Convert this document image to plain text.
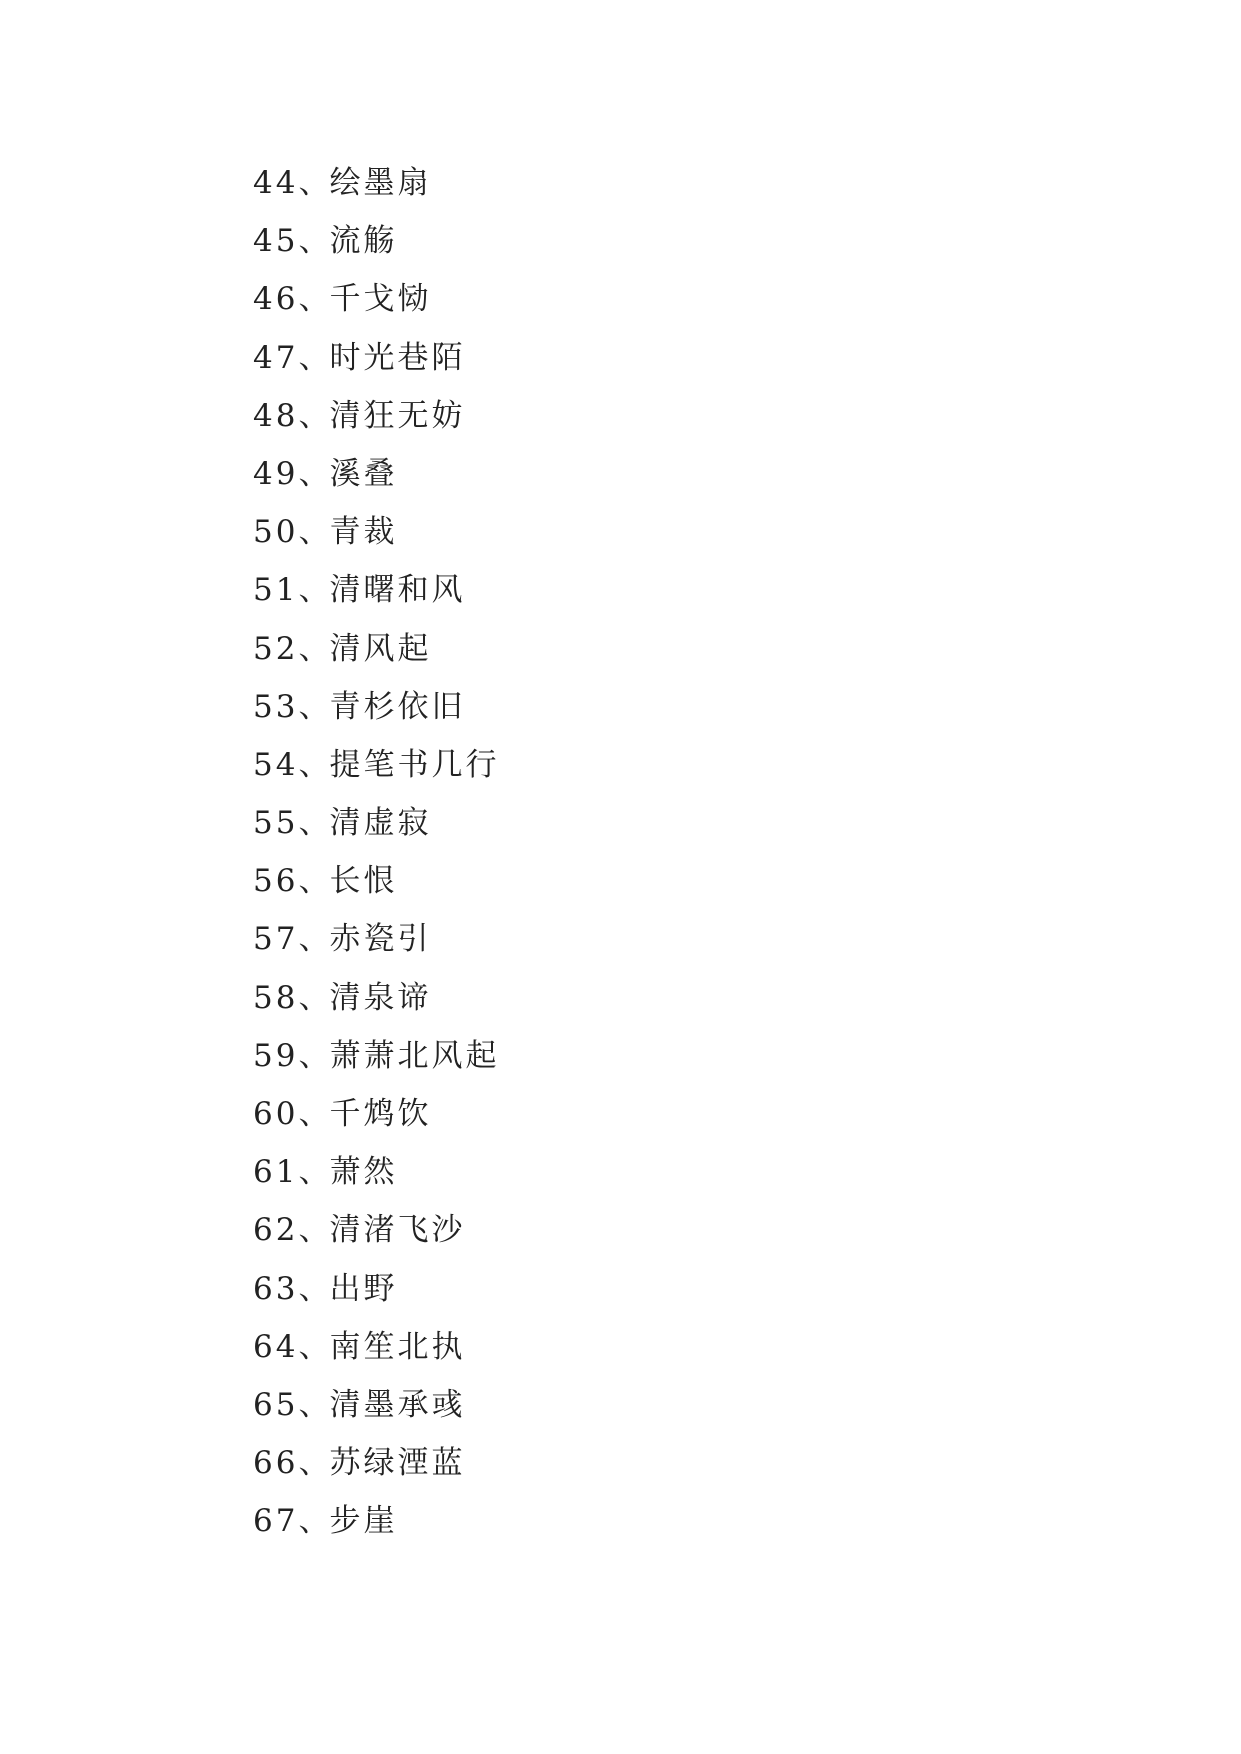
44、绘墨扇
45、流觞
46、千戈恸
47、时光巷陌
48、清狂无妨
49、溪叠
50、青裁
51、清曙和风
52、清风起
53、青杉依旧
54、提笔书几行
55、清虚寂
56、长恨
57、赤瓷引
58、清泉谛
59、萧萧北风起
60、千鸩饮
61、萧然
62、清渚飞沙
63、出野
64、南笙北执
65、清墨承彧
66、苏绿湮蓝
67、步崖
